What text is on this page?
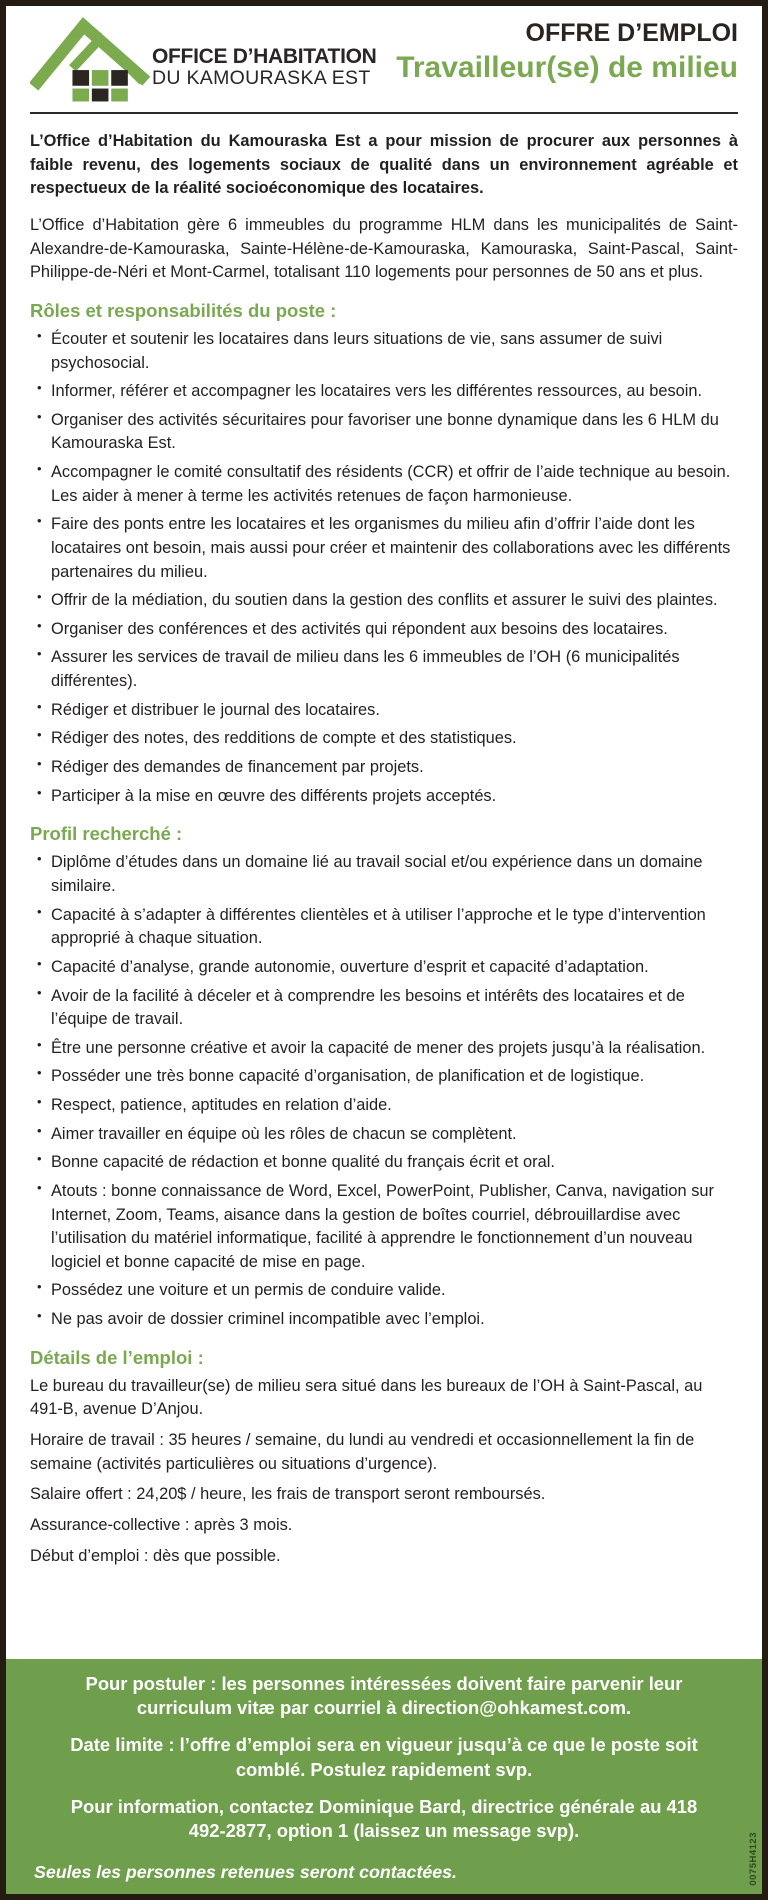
OFFICE D’HABITATION
DU KAMOURASKA EST
OFFRE D’EMPLOI
Travailleur(se) de milieu

L’Office d’Habitation du Kamouraska Est a pour mission de procurer aux personnes à faible revenu, des logements sociaux de qualité dans un environnement agréable et respectueux de la réalité socioéconomique des locataires.

L’Office d’Habitation gère 6 immeubles du programme HLM dans les municipalités de Saint-Alexandre-de-Kamouraska, Sainte-Hélène-de-Kamouraska, Kamouraska, Saint-Pascal, Saint-Philippe-de-Néri et Mont-Carmel, totalisant 110 logements pour personnes de 50 ans et plus.

Rôles et responsabilités du poste :
• Écouter et soutenir les locataires dans leurs situations de vie, sans assumer de suivi psychosocial.
• Informer, référer et accompagner les locataires vers les différentes ressources, au besoin.
• Organiser des activités sécuritaires pour favoriser une bonne dynamique dans les 6 HLM du Kamouraska Est.
• Accompagner le comité consultatif des résidents (CCR) et offrir de l’aide technique au besoin. Les aider à mener à terme les activités retenues de façon harmonieuse.
• Faire des ponts entre les locataires et les organismes du milieu afin d’offrir l’aide dont les locataires ont besoin, mais aussi pour créer et maintenir des collaborations avec les différents partenaires du milieu.
• Offrir de la médiation, du soutien dans la gestion des conflits et assurer le suivi des plaintes.
• Organiser des conférences et des activités qui répondent aux besoins des locataires.
• Assurer les services de travail de milieu dans les 6 immeubles de l’OH (6 municipalités différentes).
• Rédiger et distribuer le journal des locataires.
• Rédiger des notes, des redditions de compte et des statistiques.
• Rédiger des demandes de financement par projets.
• Participer à la mise en œuvre des différents projets acceptés.
Profil recherché :
• Diplôme d’études dans un domaine lié au travail social et/ou expérience dans un domaine similaire.
• Capacité à s’adapter à différentes clientèles et à utiliser l’approche et le type d’intervention approprié à chaque situation.
• Capacité d’analyse, grande autonomie, ouverture d’esprit et capacité d’adaptation.
• Avoir de la facilité à déceler et à comprendre les besoins et intérêts des locataires et de l’équipe de travail.
• Être une personne créative et avoir la capacité de mener des projets jusqu’à la réalisation.
• Posséder une très bonne capacité d’organisation, de planification et de logistique.
• Respect, patience, aptitudes en relation d’aide.
• Aimer travailler en équipe où les rôles de chacun se complètent.
• Bonne capacité de rédaction et bonne qualité du français écrit et oral.
• Atouts : bonne connaissance de Word, Excel, PowerPoint, Publisher, Canva, navigation sur Internet, Zoom, Teams, aisance dans la gestion de boîtes courriel, débrouillardise avec l’utilisation du matériel informatique, facilité à apprendre le fonctionnement d’un nouveau logiciel et bonne capacité de mise en page.
• Possédez une voiture et un permis de conduire valide.
• Ne pas avoir de dossier criminel incompatible avec l’emploi.
Détails de l’emploi :

Le bureau du travailleur(se) de milieu sera situé dans les bureaux de l’OH à Saint-Pascal, au 491-B, avenue D’Anjou.

Horaire de travail : 35 heures / semaine, du lundi au vendredi et occasionnellement la fin de semaine (activités particulières ou situations d’urgence).

Salaire offert : 24,20$ / heure, les frais de transport seront remboursés.

Assurance-collective : après 3 mois.

Début d’emploi : dès que possible.

Pour postuler : les personnes intéressées doivent faire parvenir leur curriculum vitæ par courriel à direction@ohkamest.com.

Date limite : l’offre d’emploi sera en vigueur jusqu’à ce que le poste soit comblé. Postulez rapidement svp.

Pour information, contactez Dominique Bard, directrice générale au 418 492-2877, option 1 (laissez un message svp).

Seules les personnes retenues seront contactées.	0075H4123
